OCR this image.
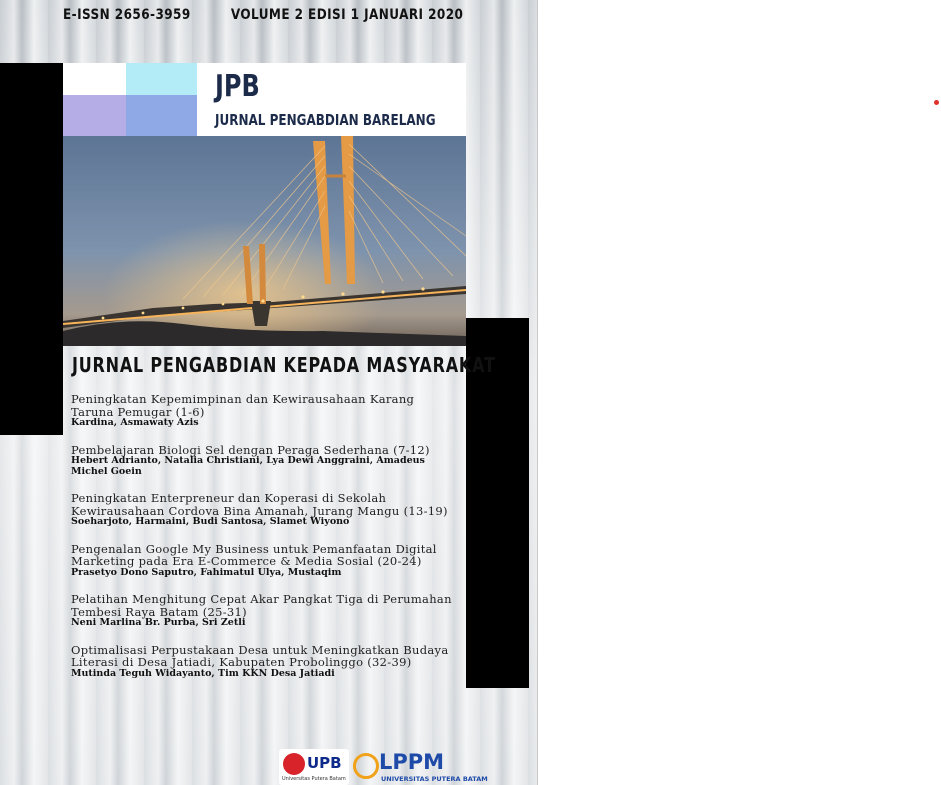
E-ISSN 2656-3959	VOLUME 2 EDISI 1 JANUARI 2020
JPB
JURNAL PENGABDIAN BARELANG
JURNAL PENGABDIAN KEPADA MASYARAKAT
Peningkatan Kepemimpinan dan Kewirausahaan Karang Taruna Pemugar (1-6)
Kardina, Asmawaty Azis
Pembelajaran Biologi Sel dengan Peraga Sederhana (7-12)
Hebert Adrianto, Natalia Christiani, Lya Dewi Anggraini, Amadeus Michel Goein
Peningkatan Enterpreneur dan Koperasi di Sekolah Kewirausahaan Cordova Bina Amanah, Jurang Mangu (13-19)
Soeharjoto, Harmaini, Budi Santosa, Slamet Wiyono
Pengenalan Google My Business untuk Pemanfaatan Digital Marketing pada Era E-Commerce & Media Sosial (20-24)
Prasetyo Dono Saputro, Fahimatul Ulya, Mustaqim
Pelatihan Menghitung Cepat Akar Pangkat Tiga di Perumahan Tembesi Raya Batam (25-31)
Neni Marlina Br. Purba, Sri Zetli
Optimalisasi Perpustakaan Desa untuk Meningkatkan Budaya Literasi di Desa Jatiadi, Kabupaten Probolinggo (32-39)
Mutinda Teguh Widayanto, Tim KKN Desa Jatiadi
UPB
Universitas Putera Batam
LPPM
UNIVERSITAS PUTERA BATAM
